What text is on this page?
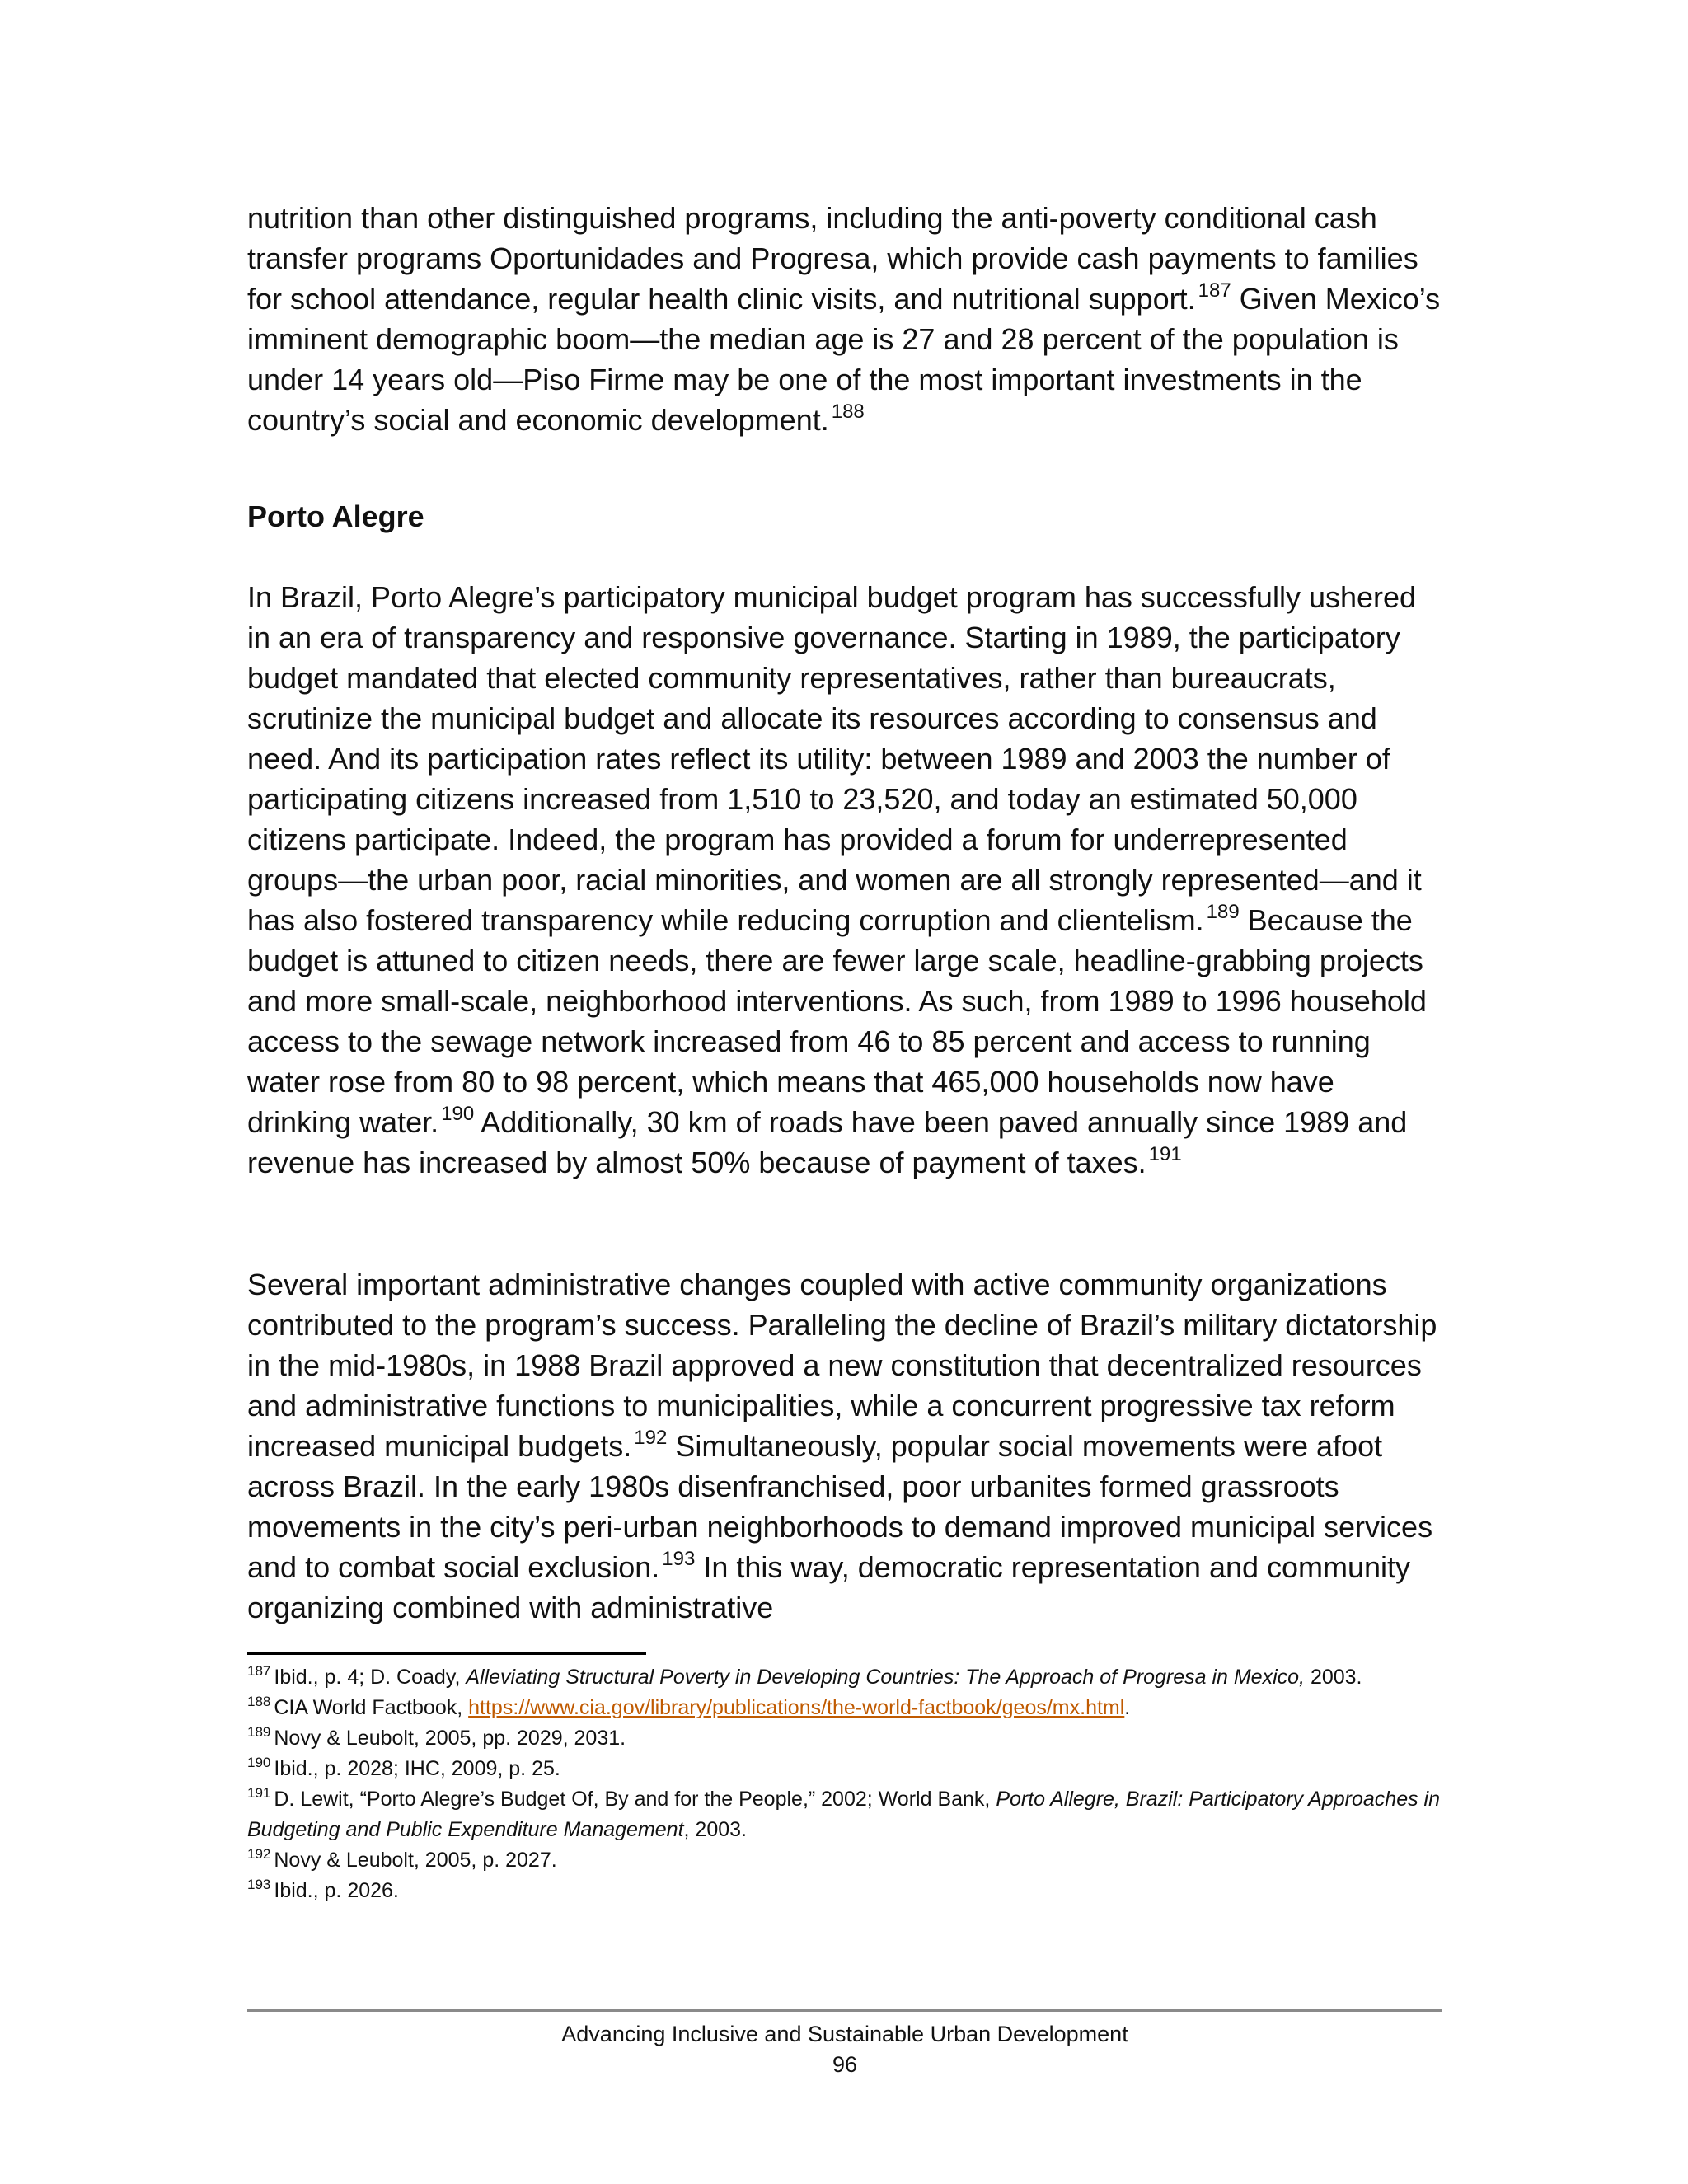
nutrition than other distinguished programs, including the anti-poverty conditional cash transfer programs Oportunidades and Progresa, which provide cash payments to families for school attendance, regular health clinic visits, and nutritional support. $^{187}$ Given Mexico’s imminent demographic boom—the median age is 27 and 28 percent of the population is under 14 years old—Piso Firme may be one of the most important investments in the country’s social and economic development. $^{188}$

Porto Alegre

In Brazil, Porto Alegre’s participatory municipal budget program has successfully ushered in an era of transparency and responsive governance. Starting in 1989, the participatory budget mandated that elected community representatives, rather than bureaucrats, scrutinize the municipal budget and allocate its resources according to consensus and need. And its participation rates reflect its utility: between 1989 and 2003 the number of participating citizens increased from 1,510 to 23,520, and today an estimated 50,000 citizens participate. Indeed, the program has provided a forum for underrepresented groups—the urban poor, racial minorities, and women are all strongly represented—and it has also fostered transparency while reducing corruption and clientelism. $^{189}$ Because the budget is attuned to citizen needs, there are fewer large scale, headline-grabbing projects and more small-scale, neighborhood interventions. As such, from 1989 to 1996 household access to the sewage network increased from 46 to 85 percent and access to running water rose from 80 to 98 percent, which means that 465,000 households now have drinking water. $^{190}$ Additionally, 30 km of roads have been paved annually since 1989 and revenue has increased by almost 50% because of payment of taxes. $^{191}$

Several important administrative changes coupled with active community organizations contributed to the program’s success. Paralleling the decline of Brazil’s military dictatorship in the mid-1980s, in 1988 Brazil approved a new constitution that decentralized resources and administrative functions to municipalities, while a concurrent progressive tax reform increased municipal budgets. $^{192}$ Simultaneously, popular social movements were afoot across Brazil. In the early 1980s disenfranchised, poor urbanites formed grassroots movements in the city’s peri-urban neighborhoods to demand improved municipal services and to combat social exclusion. $^{193}$ In this way, democratic representation and community organizing combined with administrative

$^{187}$ Ibid., p. 4; D. Coady, Alleviating Structural Poverty in Developing Countries: The Approach of Progresa in Mexico, 2003.
$^{188}$ CIA World Factbook, https://www.cia.gov/library/publications/the-world-factbook/geos/mx.html.
$^{189}$ Novy & Leubolt, 2005, pp. 2029, 2031.
$^{190}$ Ibid., p. 2028; IHC, 2009, p. 25.
$^{191}$ D. Lewit, “Porto Alegre’s Budget Of, By and for the People,” 2002; World Bank, Porto Allegre, Brazil: Participatory Approaches in Budgeting and Public Expenditure Management, 2003.
$^{192}$ Novy & Leubolt, 2005, p. 2027.
$^{193}$ Ibid., p. 2026.

Advancing Inclusive and Sustainable Urban Development

96
